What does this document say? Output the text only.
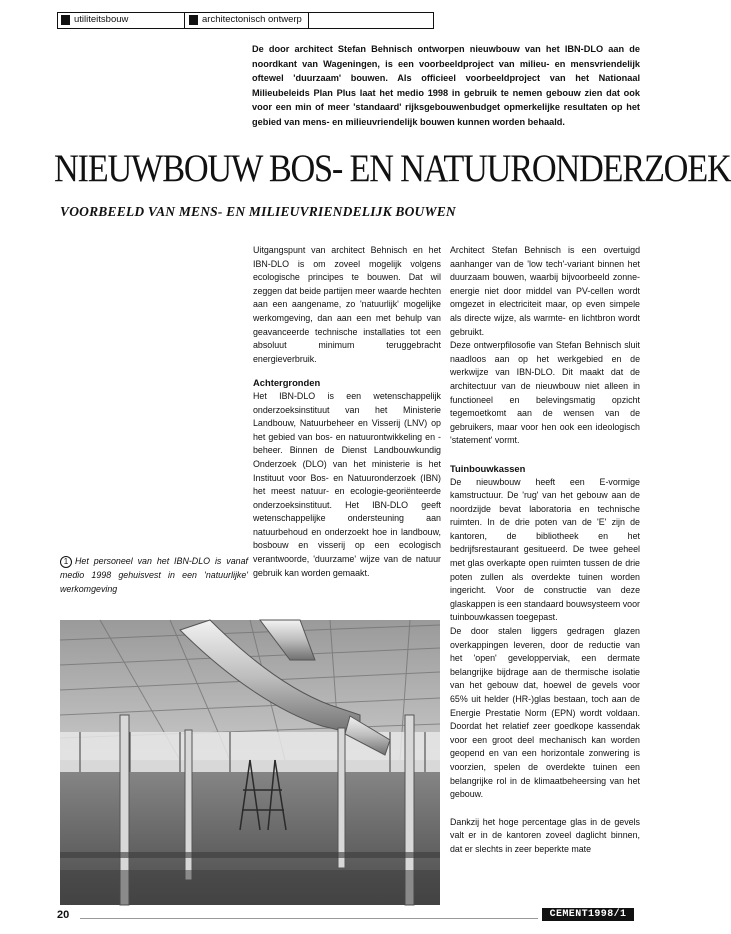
utiliteitsbouw	architectonisch ontwerp

De door architect Stefan Behnisch ontworpen nieuwbouw van het IBN-DLO aan de noordkant van Wageningen, is een voorbeeldproject van milieu- en mensvriendelijk oftewel 'duurzaam' bouwen. Als officieel voorbeeldproject van het Nationaal Milieubeleids Plan Plus laat het medio 1998 in gebruik te nemen gebouw zien dat ook voor een min of meer 'standaard' rijksgebouwenbudget opmerkelijke resultaten op het gebied van mens- en milieuvriendelijk bouwen kunnen worden behaald.

NIEUWBOUW BOS- EN NATUURONDERZOEK
VOORBEELD VAN MENS- EN MILIEUVRIENDELIJK BOUWEN

Uitgangspunt van architect Behnisch en het IBN-DLO is om zoveel mogelijk volgens ecologische principes te bouwen. Dat wil zeggen dat beide partijen meer waarde hechten aan een aangename, zo 'natuurlijk' mogelijke werkomgeving, dan aan een met behulp van geavanceerde technische installaties tot een absoluut minimum teruggebracht energieverbruik.

Achtergronden

Het IBN-DLO is een wetenschappelijk onderzoeksinstituut van het Ministerie Landbouw, Natuurbeheer en Visserij (LNV) op het gebied van bos- en natuurontwikkeling en -beheer. Binnen de Dienst Landbouwkundig Onderzoek (DLO) van het ministerie is het Instituut voor Bos- en Natuuronderzoek (IBN) het meest natuur- en ecologie-georiënteerde onderzoeksinstituut. Het IBN-DLO geeft wetenschappelijke ondersteuning aan natuurbehoud en onderzoekt hoe in landbouw, bosbouw en visserij op een ecologisch verantwoorde, 'duurzame' wijze van de natuur gebruik kan worden gemaakt.

Architect Stefan Behnisch is een overtuigd aanhanger van de 'low tech'-variant binnen het duurzaam bouwen, waarbij bijvoorbeeld zonne-energie niet door middel van PV-cellen wordt omgezet in electriciteit maar, op even simpele als directe wijze, als warmte- en lichtbron wordt gebruikt.

Deze ontwerpfilosofie van Stefan Behnisch sluit naadloos aan op het werkgebied en de werkwijze van IBN-DLO. Dit maakt dat de architectuur van de nieuwbouw niet alleen in functioneel en belevingsmatig opzicht tegemoetkomt aan de wensen van de gebruikers, maar voor hen ook een ideologisch 'statement' vormt.

Tuinbouwkassen

De nieuwbouw heeft een E-vormige kamstructuur. De 'rug' van het gebouw aan de noordzijde bevat laboratoria en technische ruimten. In de drie poten van de 'E' zijn de kantoren, de bibliotheek en het bedrijfsrestaurant gesitueerd. De twee geheel met glas overkapte open ruimten tussen de drie poten zullen als overdekte tuinen worden ingericht. Voor de constructie van deze glaskappen is een standaard bouwsysteem voor tuinbouwkassen toegepast.

De door stalen liggers gedragen glazen overkappingen leveren, door de reductie van het 'open' gevelopperviak, een dermate belangrijke bijdrage aan de thermische isolatie van het gebouw dat, hoewel de gevels voor 65% uit helder (HR-)glas bestaan, toch aan de Energie Prestatie Norm (EPN) wordt voldaan. Doordat het relatief zeer goedkope kassendak voor een groot deel mechanisch kan worden geopend en van een horizontale zonwering is voorzien, spelen de overdekte tuinen een belangrijke rol in de klimaatbeheersing van het gebouw.

Dankzij het hoge percentage glas in de gevels valt er in de kantoren zoveel daglicht binnen, dat er slechts in zeer beperkte mate

1 Het personeel van het IBN-DLO is vanaf medio 1998 gehuisvest in een 'natuurlijke' werkomgeving
20	CEMENT1998/1
